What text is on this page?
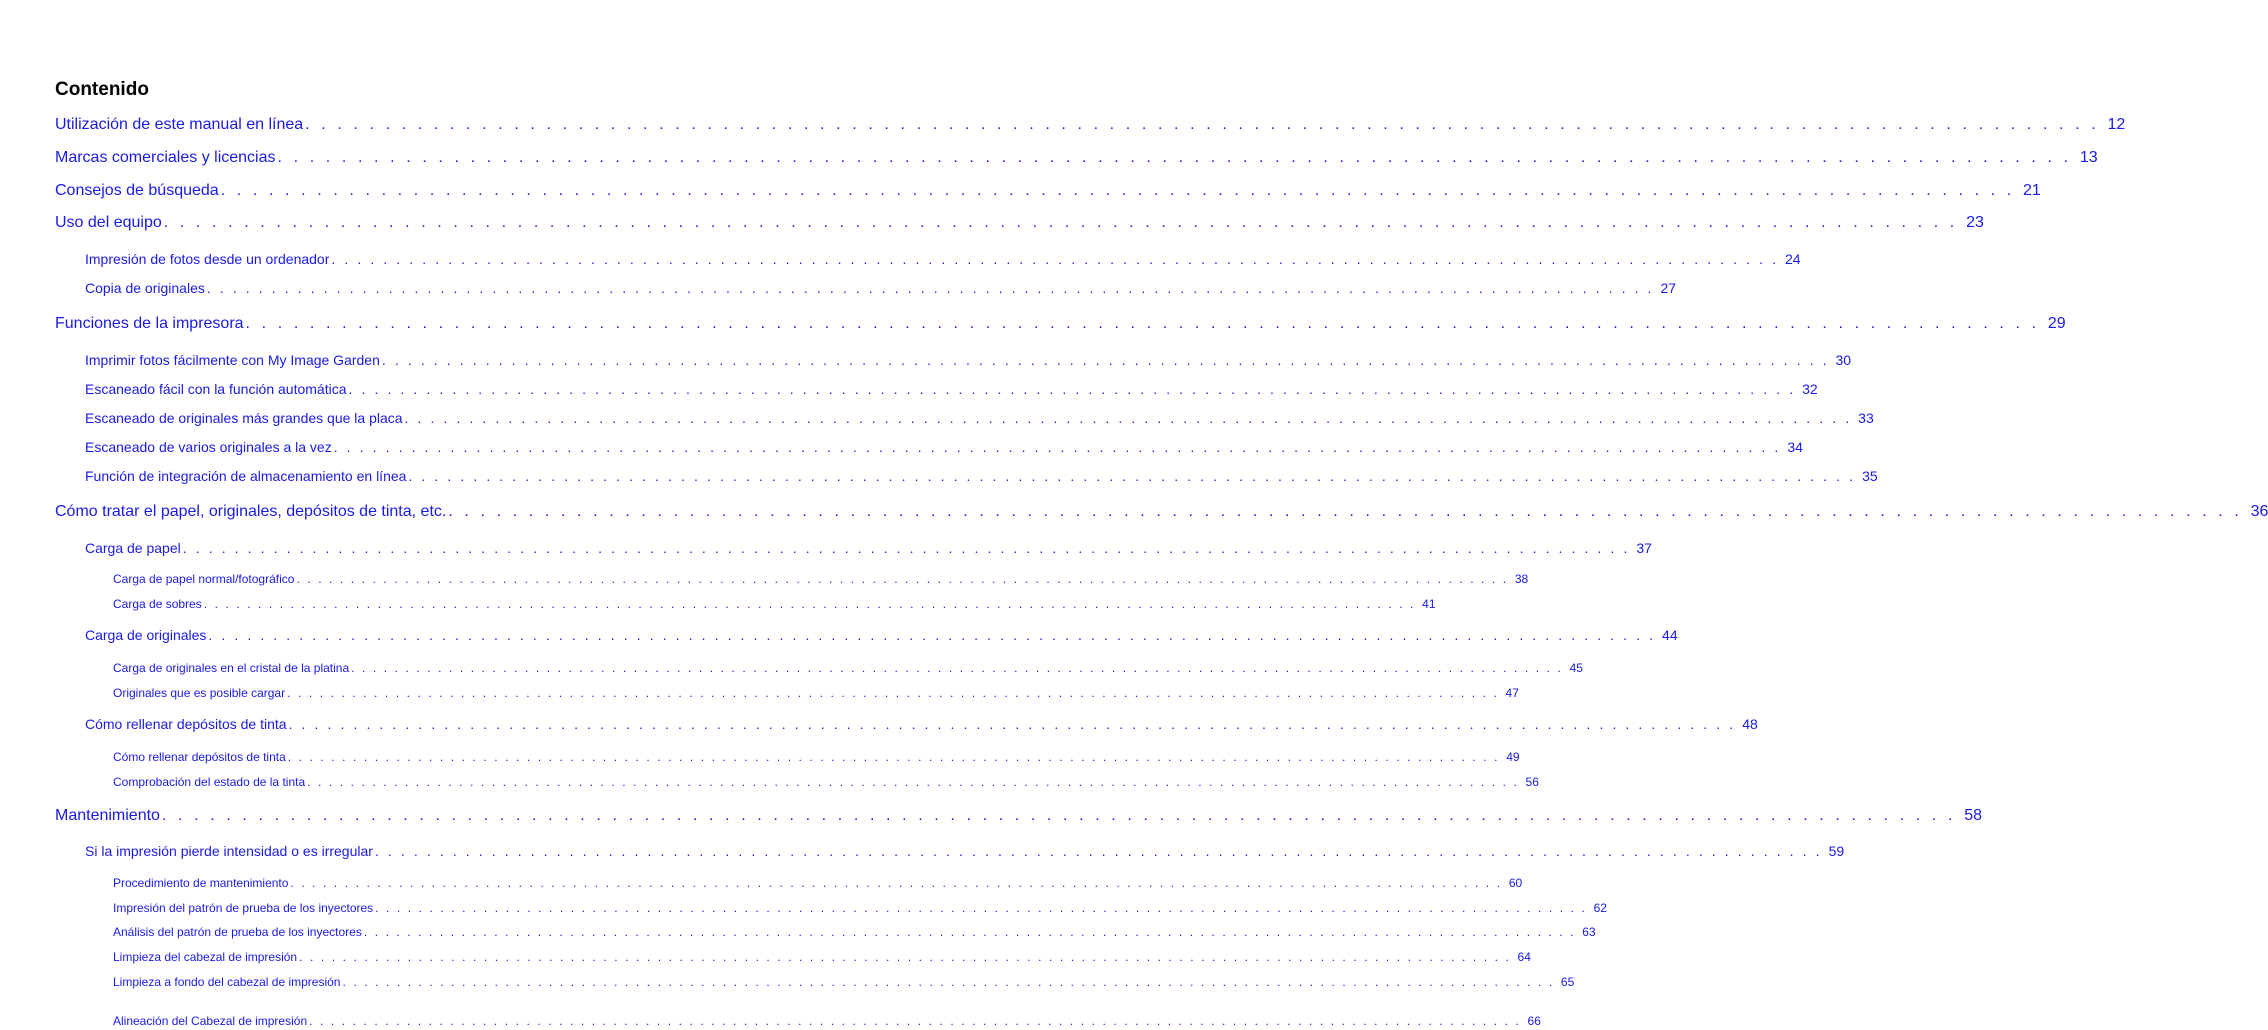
Contenido
Utilización de este manual en línea . . . . . . . . . . . . . . . . . . . . . . . . . . . . . . . . . . . . . . . . . . . . . . . . . . . . . . . . . . . . . . . . . . . . . . . . . . . . . . . . . . . . . . . . . . . . . . . . . . . . . . . . . . . . . . . . 12
Marcas comerciales y licencias . . . . . . . . . . . . . . . . . . . . . . . . . . . . . . . . . . . . . . . . . . . . . . . . . . . . . . . . . . . . . . . . . . . . . . . . . . . . . . . . . . . . . . . . . . . . . . . . . . . . . . . . . . . . . . . . 13
Consejos de búsqueda . . . . . . . . . . . . . . . . . . . . . . . . . . . . . . . . . . . . . . . . . . . . . . . . . . . . . . . . . . . . . . . . . . . . . . . . . . . . . . . . . . . . . . . . . . . . . . . . . . . . . . . . . . . . . . . . 21
Uso del equipo . . . . . . . . . . . . . . . . . . . . . . . . . . . . . . . . . . . . . . . . . . . . . . . . . . . . . . . . . . . . . . . . . . . . . . . . . . . . . . . . . . . . . . . . . . . . . . . . . . . . . . . . . . . . . . . . 23
Impresión de fotos desde un ordenador . . . . . . . . . . . . . . . . . . . . . . . . . . . . . . . . . . . . . . . . . . . . . . . . . . . . . . . . . . . . . . . . . . . . . . . . . . . . . . . . . . . . . . . . . . . . . . . . . . . . . . . . . . . . . . . . 24
Copia de originales . . . . . . . . . . . . . . . . . . . . . . . . . . . . . . . . . . . . . . . . . . . . . . . . . . . . . . . . . . . . . . . . . . . . . . . . . . . . . . . . . . . . . . . . . . . . . . . . . . . . . . . . . . . . . . . . 27
Funciones de la impresora . . . . . . . . . . . . . . . . . . . . . . . . . . . . . . . . . . . . . . . . . . . . . . . . . . . . . . . . . . . . . . . . . . . . . . . . . . . . . . . . . . . . . . . . . . . . . . . . . . . . . . . . . . . . . . . . 29
Imprimir fotos fácilmente con My Image Garden . . . . . . . . . . . . . . . . . . . . . . . . . . . . . . . . . . . . . . . . . . . . . . . . . . . . . . . . . . . . . . . . . . . . . . . . . . . . . . . . . . . . . . . . . . . . . . . . . . . . . . . . . . . . . . . . 30
Escaneado fácil con la función automática . . . . . . . . . . . . . . . . . . . . . . . . . . . . . . . . . . . . . . . . . . . . . . . . . . . . . . . . . . . . . . . . . . . . . . . . . . . . . . . . . . . . . . . . . . . . . . . . . . . . . . . . . . . . . . . . 32
Escaneado de originales más grandes que la placa . . . . . . . . . . . . . . . . . . . . . . . . . . . . . . . . . . . . . . . . . . . . . . . . . . . . . . . . . . . . . . . . . . . . . . . . . . . . . . . . . . . . . . . . . . . . . . . . . . . . . . . . . . . . . . . . 33
Escaneado de varios originales a la vez . . . . . . . . . . . . . . . . . . . . . . . . . . . . . . . . . . . . . . . . . . . . . . . . . . . . . . . . . . . . . . . . . . . . . . . . . . . . . . . . . . . . . . . . . . . . . . . . . . . . . . . . . . . . . . . . 34
Función de integración de almacenamiento en línea . . . . . . . . . . . . . . . . . . . . . . . . . . . . . . . . . . . . . . . . . . . . . . . . . . . . . . . . . . . . . . . . . . . . . . . . . . . . . . . . . . . . . . . . . . . . . . . . . . . . . . . . . . . . . . . . 35
Cómo tratar el papel, originales, depósitos de tinta, etc. . . . . . . . . . . . . . . . . . . . . . . . . . . . . . . . . . . . . . . . . . . . . . . . . . . . . . . . . . . . . . . . . . . . . . . . . . . . . . . . . . . . . . . . . . . . . . . . . . . . . . . . . . . . . . . . . 36
Carga de papel . . . . . . . . . . . . . . . . . . . . . . . . . . . . . . . . . . . . . . . . . . . . . . . . . . . . . . . . . . . . . . . . . . . . . . . . . . . . . . . . . . . . . . . . . . . . . . . . . . . . . . . . . . . . . . . . 37
Carga de papel normal/fotográfico . . . . . . . . . . . . . . . . . . . . . . . . . . . . . . . . . . . . . . . . . . . . . . . . . . . . . . . . . . . . . . . . . . . . . . . . . . . . . . . . . . . . . . . . . . . . . . . . . . . . . . . . . . . . . . . . 38
Carga de sobres . . . . . . . . . . . . . . . . . . . . . . . . . . . . . . . . . . . . . . . . . . . . . . . . . . . . . . . . . . . . . . . . . . . . . . . . . . . . . . . . . . . . . . . . . . . . . . . . . . . . . . . . . . . . . . . . 41
Carga de originales . . . . . . . . . . . . . . . . . . . . . . . . . . . . . . . . . . . . . . . . . . . . . . . . . . . . . . . . . . . . . . . . . . . . . . . . . . . . . . . . . . . . . . . . . . . . . . . . . . . . . . . . . . . . . . . . 44
Carga de originales en el cristal de la platina . . . . . . . . . . . . . . . . . . . . . . . . . . . . . . . . . . . . . . . . . . . . . . . . . . . . . . . . . . . . . . . . . . . . . . . . . . . . . . . . . . . . . . . . . . . . . . . . . . . . . . . . . . . . . . . . 45
Originales que es posible cargar . . . . . . . . . . . . . . . . . . . . . . . . . . . . . . . . . . . . . . . . . . . . . . . . . . . . . . . . . . . . . . . . . . . . . . . . . . . . . . . . . . . . . . . . . . . . . . . . . . . . . . . . . . . . . . . . 47
Cómo rellenar depósitos de tinta . . . . . . . . . . . . . . . . . . . . . . . . . . . . . . . . . . . . . . . . . . . . . . . . . . . . . . . . . . . . . . . . . . . . . . . . . . . . . . . . . . . . . . . . . . . . . . . . . . . . . . . . . . . . . . . . 48
Cómo rellenar depósitos de tinta . . . . . . . . . . . . . . . . . . . . . . . . . . . . . . . . . . . . . . . . . . . . . . . . . . . . . . . . . . . . . . . . . . . . . . . . . . . . . . . . . . . . . . . . . . . . . . . . . . . . . . . . . . . . . . . . 49
Comprobación del estado de la tinta . . . . . . . . . . . . . . . . . . . . . . . . . . . . . . . . . . . . . . . . . . . . . . . . . . . . . . . . . . . . . . . . . . . . . . . . . . . . . . . . . . . . . . . . . . . . . . . . . . . . . . . . . . . . . . . . 56
Mantenimiento . . . . . . . . . . . . . . . . . . . . . . . . . . . . . . . . . . . . . . . . . . . . . . . . . . . . . . . . . . . . . . . . . . . . . . . . . . . . . . . . . . . . . . . . . . . . . . . . . . . . . . . . . . . . . . . . 58
Si la impresión pierde intensidad o es irregular . . . . . . . . . . . . . . . . . . . . . . . . . . . . . . . . . . . . . . . . . . . . . . . . . . . . . . . . . . . . . . . . . . . . . . . . . . . . . . . . . . . . . . . . . . . . . . . . . . . . . . . . . . . . . . . . 59
Procedimiento de mantenimiento . . . . . . . . . . . . . . . . . . . . . . . . . . . . . . . . . . . . . . . . . . . . . . . . . . . . . . . . . . . . . . . . . . . . . . . . . . . . . . . . . . . . . . . . . . . . . . . . . . . . . . . . . . . . . . . . 60
Impresión del patrón de prueba de los inyectores . . . . . . . . . . . . . . . . . . . . . . . . . . . . . . . . . . . . . . . . . . . . . . . . . . . . . . . . . . . . . . . . . . . . . . . . . . . . . . . . . . . . . . . . . . . . . . . . . . . . . . . . . . . . . . . . 62
Análisis del patrón de prueba de los inyectores . . . . . . . . . . . . . . . . . . . . . . . . . . . . . . . . . . . . . . . . . . . . . . . . . . . . . . . . . . . . . . . . . . . . . . . . . . . . . . . . . . . . . . . . . . . . . . . . . . . . . . . . . . . . . . . . 63
Limpieza del cabezal de impresión . . . . . . . . . . . . . . . . . . . . . . . . . . . . . . . . . . . . . . . . . . . . . . . . . . . . . . . . . . . . . . . . . . . . . . . . . . . . . . . . . . . . . . . . . . . . . . . . . . . . . . . . . . . . . . . . 64
Limpieza a fondo del cabezal de impresión . . . . . . . . . . . . . . . . . . . . . . . . . . . . . . . . . . . . . . . . . . . . . . . . . . . . . . . . . . . . . . . . . . . . . . . . . . . . . . . . . . . . . . . . . . . . . . . . . . . . . . . . . . . . . . . . 65
Alineación del Cabezal de impresión . . . . . . . . . . . . . . . . . . . . . . . . . . . . . . . . . . . . . . . . . . . . . . . . . . . . . . . . . . . . . . . . . . . . . . . . . . . . . . . . . . . . . . . . . . . . . . . . . . . . . . . . . . . . . . . . 66
